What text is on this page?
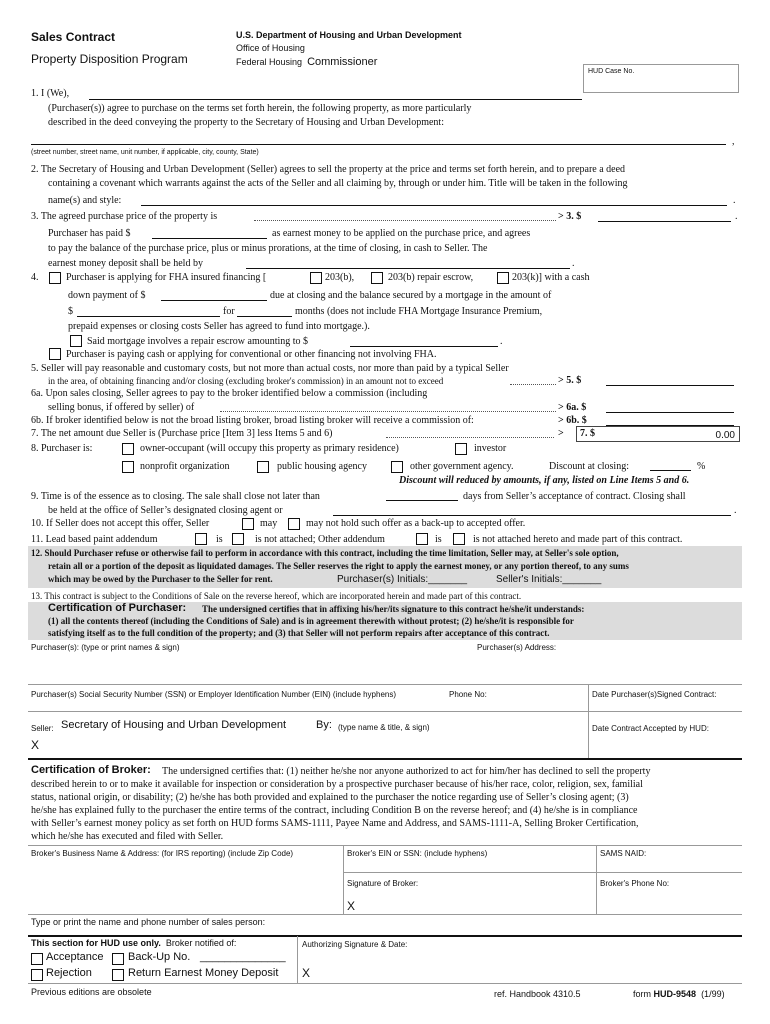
Sales Contract
Property Disposition Program
U.S. Department of Housing and Urban Development
Office of Housing
Federal Housing Commissioner
HUD Case No.
1. I (We),
(Purchaser(s)) agree to purchase on the terms set forth herein, the following property, as more particularly
described in the deed conveying the property to the Secretary of Housing and Urban Development:
,
(street number, street name, unit number, if applicable, city, county, State)
2. The Secretary of Housing and Urban Development (Seller) agrees to sell the property at the price and terms set forth herein, and to prepare a deed
containing a covenant which warrants against the acts of the Seller and all claiming by, through or under him. Title will be taken in the following
name(s) and style:	.
3. The agreed purchase price of the property is	> 3. $	.
Purchaser has paid $	as earnest money to be applied on the purchase price, and agrees
to pay the balance of the purchase price, plus or minus prorations, at the time of closing, in cash to Seller. The
earnest money deposit shall be held by	.
4.	Purchaser is applying for FHA insured financing [	203(b),	203(b) repair escrow,	203(k)] with a cash
down payment of $	due at closing and the balance secured by a mortgage in the amount of
$	for	months (does not include FHA Mortgage Insurance Premium,
prepaid expenses or closing costs Seller has agreed to fund into mortgage.).
Said mortgage involves a repair escrow amounting to $	.
Purchaser is paying cash or applying for conventional or other financing not involving FHA.
5. Seller will pay reasonable and customary costs, but not more than actual costs, nor more than paid by a typical Seller
in the area, of obtaining financing and/or closing (excluding broker's commission) in an amount not to exceed	> 5. $
6a. Upon sales closing, Seller agrees to pay to the broker identified below a commission (including
selling bonus, if offered by seller) of	> 6a. $
6b. If broker identified below is not the broad listing broker, broad listing broker will receive a commission of:	> 6b. $
7. The net amount due Seller is (Purchase price [Item 3] less Items 5 and 6)	> 7. $	0.00
8. Purchaser is:	owner-occupant (will occupy this property as primary residence)	investor
nonprofit organization	public housing agency	other government agency.	Discount at closing:	%
Discount will reduced by amounts, if any, listed on Line Items 5 and 6.
9. Time is of the essence as to closing. The sale shall close not later than	days from Seller’s acceptance of contract. Closing shall
be held at the office of Seller’s designated closing agent or	.
10. If Seller does not accept this offer, Seller	may	may not hold such offer as a back-up to accepted offer.
11. Lead based paint addendum	is	is not attached; Other addendum	is	is not attached hereto and made part of this contract.
12. Should Purchaser refuse or otherwise fail to perform in accordance with this contract, including the time limitation, Seller may, at Seller's sole option,
retain all or a portion of the deposit as liquidated damages. The Seller reserves the right to apply the earnest money, or any portion thereof, to any sums
which may be owed by the Purchaser to the Seller for rent.	Purchaser(s) Initials:_______	Seller's Initials:_______
13. This contract is subject to the Conditions of Sale on the reverse hereof, which are incorporated herein and made part of this contract.
Certification of Purchaser: The undersigned certifies that in affixing his/her/its signature to this contract he/she/it understands:
(1) all the contents thereof (including the Conditions of Sale) and is in agreement therewith without protest; (2) he/she/it is responsible for
satisfying itself as to the full condition of the property; and (3) that Seller will not perform repairs after acceptance of this contract.
Purchaser(s): (type or print names & sign)	Purchaser(s) Address:
Purchaser(s) Social Security Number (SSN) or Employer Identification Number (EIN) (include hyphens)	Phone No:	Date Purchaser(s)Signed Contract:
Seller: Secretary of Housing and Urban Development	By: (type name & title, & sign)
X
Date Contract Accepted by HUD:
Certification of Broker: The undersigned certifies that: (1) neither he/she nor anyone authorized to act for him/her has declined to sell the property
described herein to or to make it available for inspection or consideration by a prospective purchaser because of his/her race, color, religion, sex, familial
status, national origin, or disability; (2) he/she has both provided and explained to the purchaser the notice regarding use of Seller’s closing agent; (3)
he/she has explained fully to the purchaser the entire terms of the contract, including Condition B on the reverse hereof; and (4) he/she is in compliance
with Seller’s earnest money policy as set forth on HUD forms SAMS-1111, Payee Name and Address, and SAMS-1111-A, Selling Broker Certification,
which he/she has executed and filed with Seller.
Broker's Business Name & Address: (for IRS reporting) (include Zip Code)	Broker's EIN or SSN: (include hyphens)	SAMS NAID:
Signature of Broker:
X
Broker's Phone No:
Type or print the name and phone number of sales person:
This section for HUD use only. Broker notified of:	Authorizing Signature & Date:
Acceptance Back-Up No. ______________
Rejection	Return Earnest Money Deposit X
Previous editions are obsolete	ref. Handbook 4310.5	form HUD-9548 (1/99)
